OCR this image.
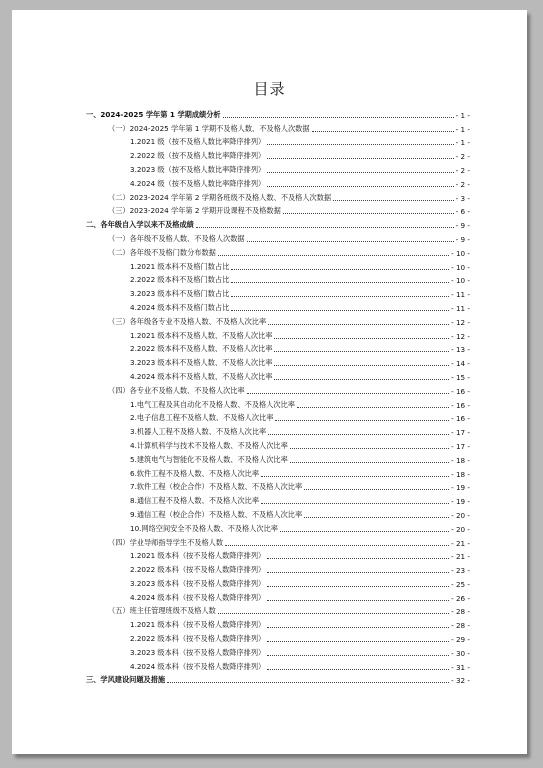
目录
一、2024-2025 学年第 1 学期成绩分析	- 1 -
（一）2024-2025 学年第 1 学期不及格人数、不及格人次数据	- 1 -
1.2021 级（按不及格人数比率降序排列）	- 1 -
2.2022 级（按不及格人数比率降序排列）	- 2 -
3.2023 级（按不及格人数比率降序排列）	- 2 -
4.2024 级（按不及格人数比率降序排列）	- 2 -
（二）2023-2024 学年第 2 学期各班级不及格人数、不及格人次数据	- 3 -
（三）2023-2024 学年第 2 学期开设课程不及格数据	- 6 -
二、各年级自入学以来不及格成绩	- 9 -
（一）各年级不及格人数、不及格人次数据	- 9 -
（二）各年级不及格门数分布数据	- 10 -
1.2021 级本科不及格门数占比	- 10 -
2.2022 级本科不及格门数占比	- 10 -
3.2023 级本科不及格门数占比	- 11 -
4.2024 级本科不及格门数占比	- 11 -
（三）各年级各专业不及格人数、不及格人次比率	- 12 -
1.2021 级本科不及格人数、不及格人次比率	- 12 -
2.2022 级本科不及格人数、不及格人次比率	- 13 -
3.2023 级本科不及格人数、不及格人次比率	- 14 -
4.2024 级本科不及格人数、不及格人次比率	- 15 -
（四）各专业不及格人数、不及格人次比率	- 16 -
1.电气工程及其自动化不及格人数、不及格人次比率	- 16 -
2.电子信息工程不及格人数、不及格人次比率	- 16 -
3.机器人工程不及格人数、不及格人次比率	- 17 -
4.计算机科学与技术不及格人数、不及格人次比率	- 17 -
5.建筑电气与智能化不及格人数、不及格人次比率	- 18 -
6.软件工程不及格人数、不及格人次比率	- 18 -
7.软件工程（校企合作）不及格人数、不及格人次比率	- 19 -
8.通信工程不及格人数、不及格人次比率	- 19 -
9.通信工程（校企合作）不及格人数、不及格人次比率	- 20 -
10.网络空间安全不及格人数、不及格人次比率	- 20 -
（四）学业导师指导学生不及格人数	- 21 -
1.2021 级本科（按不及格人数降序排列）	- 21 -
2.2022 级本科（按不及格人数降序排列）	- 23 -
3.2023 级本科（按不及格人数降序排列）	- 25 -
4.2024 级本科（按不及格人数降序排列）	- 26 -
（五）班主任管理班级不及格人数	- 28 -
1.2021 级本科（按不及格人数降序排列）	- 28 -
2.2022 级本科（按不及格人数降序排列）	- 29 -
3.2023 级本科（按不及格人数降序排列）	- 30 -
4.2024 级本科（按不及格人数降序排列）	- 31 -
三、学风建设问题及措施	- 32 -
